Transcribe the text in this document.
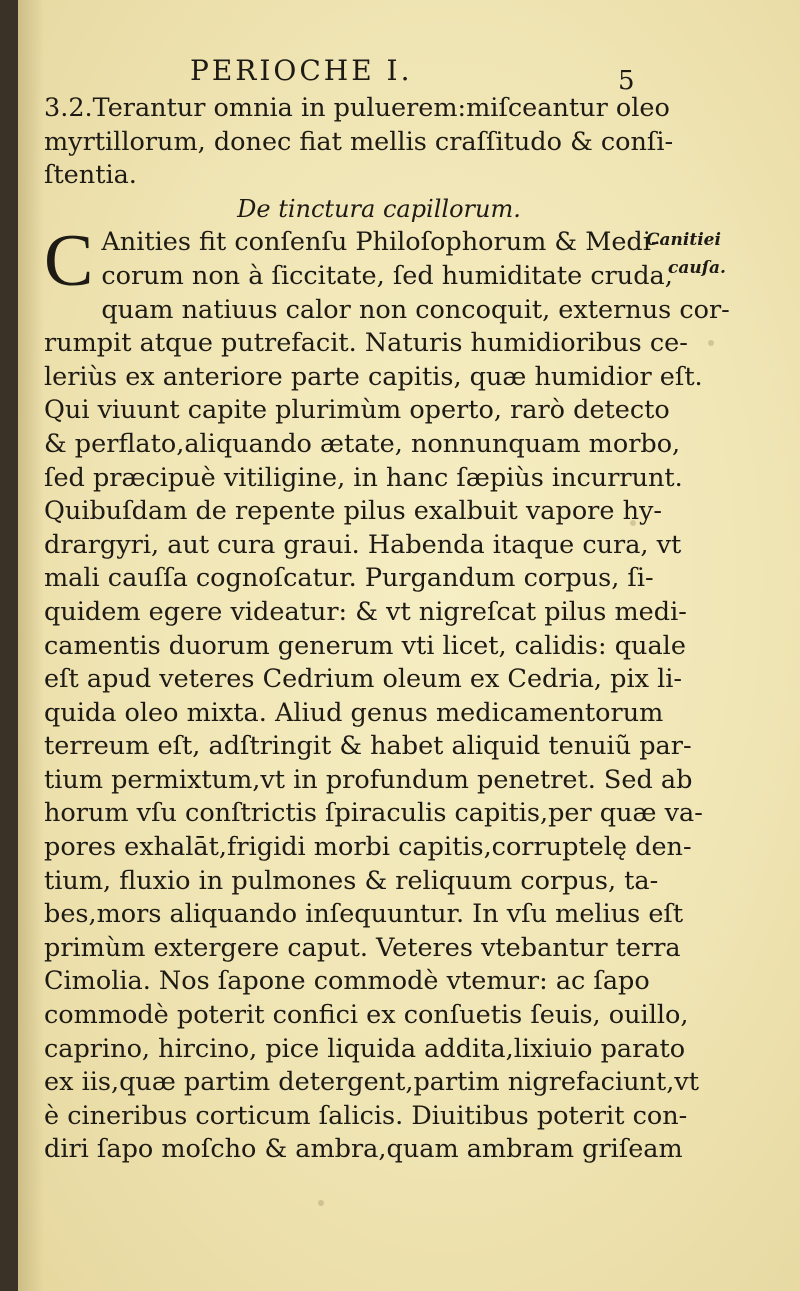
PERIOCHE I.	5
3.2.Terantur omnia in puluerem:miſceantur oleo
myrtillorum, donec fiat mellis craſſitudo & conſi-
ſtentia.
De tinctura capillorum.
C Anities fit conſenſu Philoſophorum & Medi-
corum non à ſiccitate, ſed humiditate cruda,
quam natiuus calor non concoquit, externus cor-
rumpit atque putrefacit. Naturis humidioribus ce-
leriùs ex anteriore parte capitis, quæ humidior eſt.
Qui viuunt capite plurimùm operto, rarò detecto
& perflato,aliquando ætate, nonnunquam morbo,
ſed præcipuè vitiligine, in hanc ſæpiùs incurrunt.
Quibuſdam de repente pilus exalbuit vapore hy-
drargyri, aut cura graui. Habenda itaque cura, vt
mali cauſſa cognoſcatur. Purgandum corpus, ſi-
quidem egere videatur: & vt nigreſcat pilus medi-
camentis duorum generum vti licet, calidis: quale
eſt apud veteres Cedrium oleum ex Cedria, pix li-
quida oleo mixta. Aliud genus medicamentorum
terreum eſt, adſtringit & habet aliquid tenuiũ par-
tium permixtum,vt in profundum penetret. Sed ab
horum vſu conſtrictis ſpiraculis capitis,per quæ va-
pores exhalāt,frigidi morbi capitis,corruptelę den-
tium, fluxio in pulmones & reliquum corpus, ta-
bes,mors aliquando inſequuntur. In vſu melius eſt
primùm extergere caput. Veteres vtebantur terra
Cimolia. Nos ſapone commodè vtemur: ac ſapo
commodè poterit confici ex conſuetis ſeuis, ouillo,
caprino, hircino, pice liquida addita,lixiuio parato
ex iis,quæ partim detergent,partim nigrefaciunt,vt
è cineribus corticum ſalicis. Diuitibus poterit con-
diri ſapo moſcho & ambra,quam ambram griſeam
Canitiei
cauſa.
